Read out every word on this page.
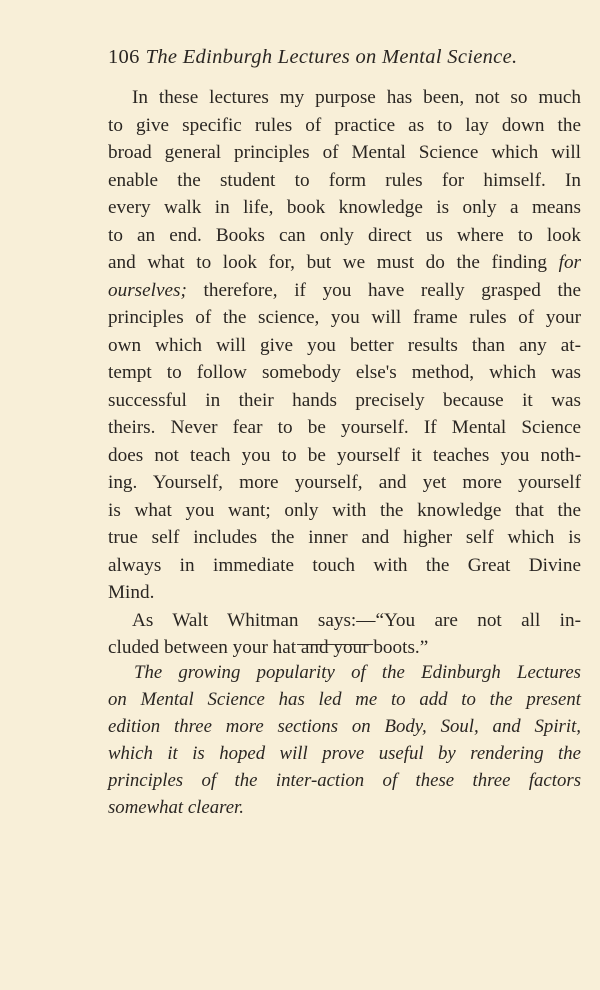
106 The Edinburgh Lectures on Mental Science.
In these lectures my purpose has been, not so much
to give specific rules of practice as to lay down the
broad general principles of Mental Science which will
enable the student to form rules for himself. In
every walk in life, book knowledge is only a means
to an end. Books can only direct us where to look
and what to look for, but we must do the finding for
ourselves; therefore, if you have really grasped the
principles of the science, you will frame rules of your
own which will give you better results than any at-
tempt to follow somebody else's method, which was
successful in their hands precisely because it was
theirs. Never fear to be yourself. If Mental Science
does not teach you to be yourself it teaches you noth-
ing. Yourself, more yourself, and yet more yourself
is what you want; only with the knowledge that the
true self includes the inner and higher self which is
always in immediate touch with the Great Divine
Mind.
As Walt Whitman says:—“You are not all in-
cluded between your hat and your boots.”
The growing popularity of the Edinburgh Lectures
on Mental Science has led me to add to the present
edition three more sections on Body, Soul, and Spirit,
which it is hoped will prove useful by rendering the
principles of the inter-action of these three factors
somewhat clearer.
